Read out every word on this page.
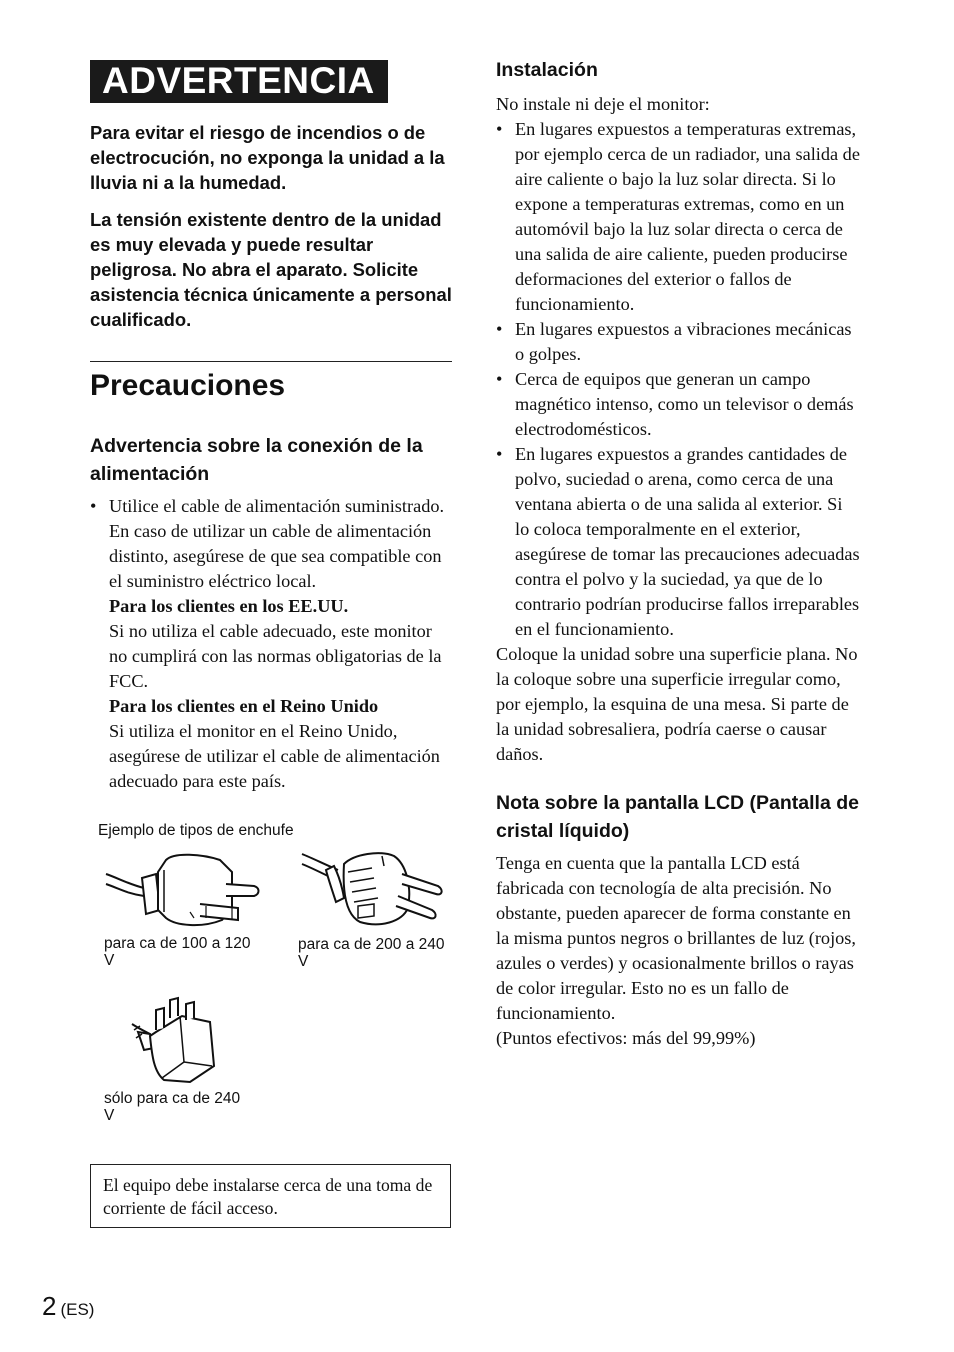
ADVERTENCIA

Para evitar el riesgo de incendios o de electrocución, no exponga la unidad a la lluvia ni a la humedad.

La tensión existente dentro de la unidad es muy elevada y puede resultar peligrosa. No abra el aparato. Solicite asistencia técnica únicamente a personal cualificado.

Precauciones
Advertencia sobre la conexión de la alimentación
• Utilice el cable de alimentación suministrado. En caso de utilizar un cable de alimentación distinto, asegúrese de que sea compatible con el suministro eléctrico local.
Para los clientes en los EE.UU.
Si no utiliza el cable adecuado, este monitor no cumplirá con las normas obligatorias de la FCC.
Para los clientes en el Reino Unido
Si utiliza el monitor en el Reino Unido, asegúrese de utilizar el cable de alimentación adecuado para este país.
Ejemplo de tipos de enchufe
para ca de 100 a 120 V
para ca de 200 a 240 V
sólo para ca de 240 V
El equipo debe instalarse cerca de una toma de corriente de fácil acceso.
Instalación
No instale ni deje el monitor:
• En lugares expuestos a temperaturas extremas, por ejemplo cerca de un radiador, una salida de aire caliente o bajo la luz solar directa. Si lo expone a temperaturas extremas, como en un automóvil bajo la luz solar directa o cerca de una salida de aire caliente, pueden producirse deformaciones del exterior o fallos de funcionamiento.
• En lugares expuestos a vibraciones mecánicas o golpes.
• Cerca de equipos que generan un campo magnético intenso, como un televisor o demás electrodomésticos.
• En lugares expuestos a grandes cantidades de polvo, suciedad o arena, como cerca de una ventana abierta o de una salida al exterior. Si lo coloca temporalmente en el exterior, asegúrese de tomar las precauciones adecuadas contra el polvo y la suciedad, ya que de lo contrario podrían producirse fallos irreparables en el funcionamiento.
Coloque la unidad sobre una superficie plana. No la coloque sobre una superficie irregular como, por ejemplo, la esquina de una mesa. Si parte de la unidad sobresaliera, podría caerse o causar daños.
Nota sobre la pantalla LCD (Pantalla de cristal líquido)
Tenga en cuenta que la pantalla LCD está fabricada con tecnología de alta precisión. No obstante, pueden aparecer de forma constante en la misma puntos negros o brillantes de luz (rojos, azules o verdes) y ocasionalmente brillos o rayas de color irregular. Esto no es un fallo de funcionamiento.
(Puntos efectivos: más del 99,99%)
2 (ES)
